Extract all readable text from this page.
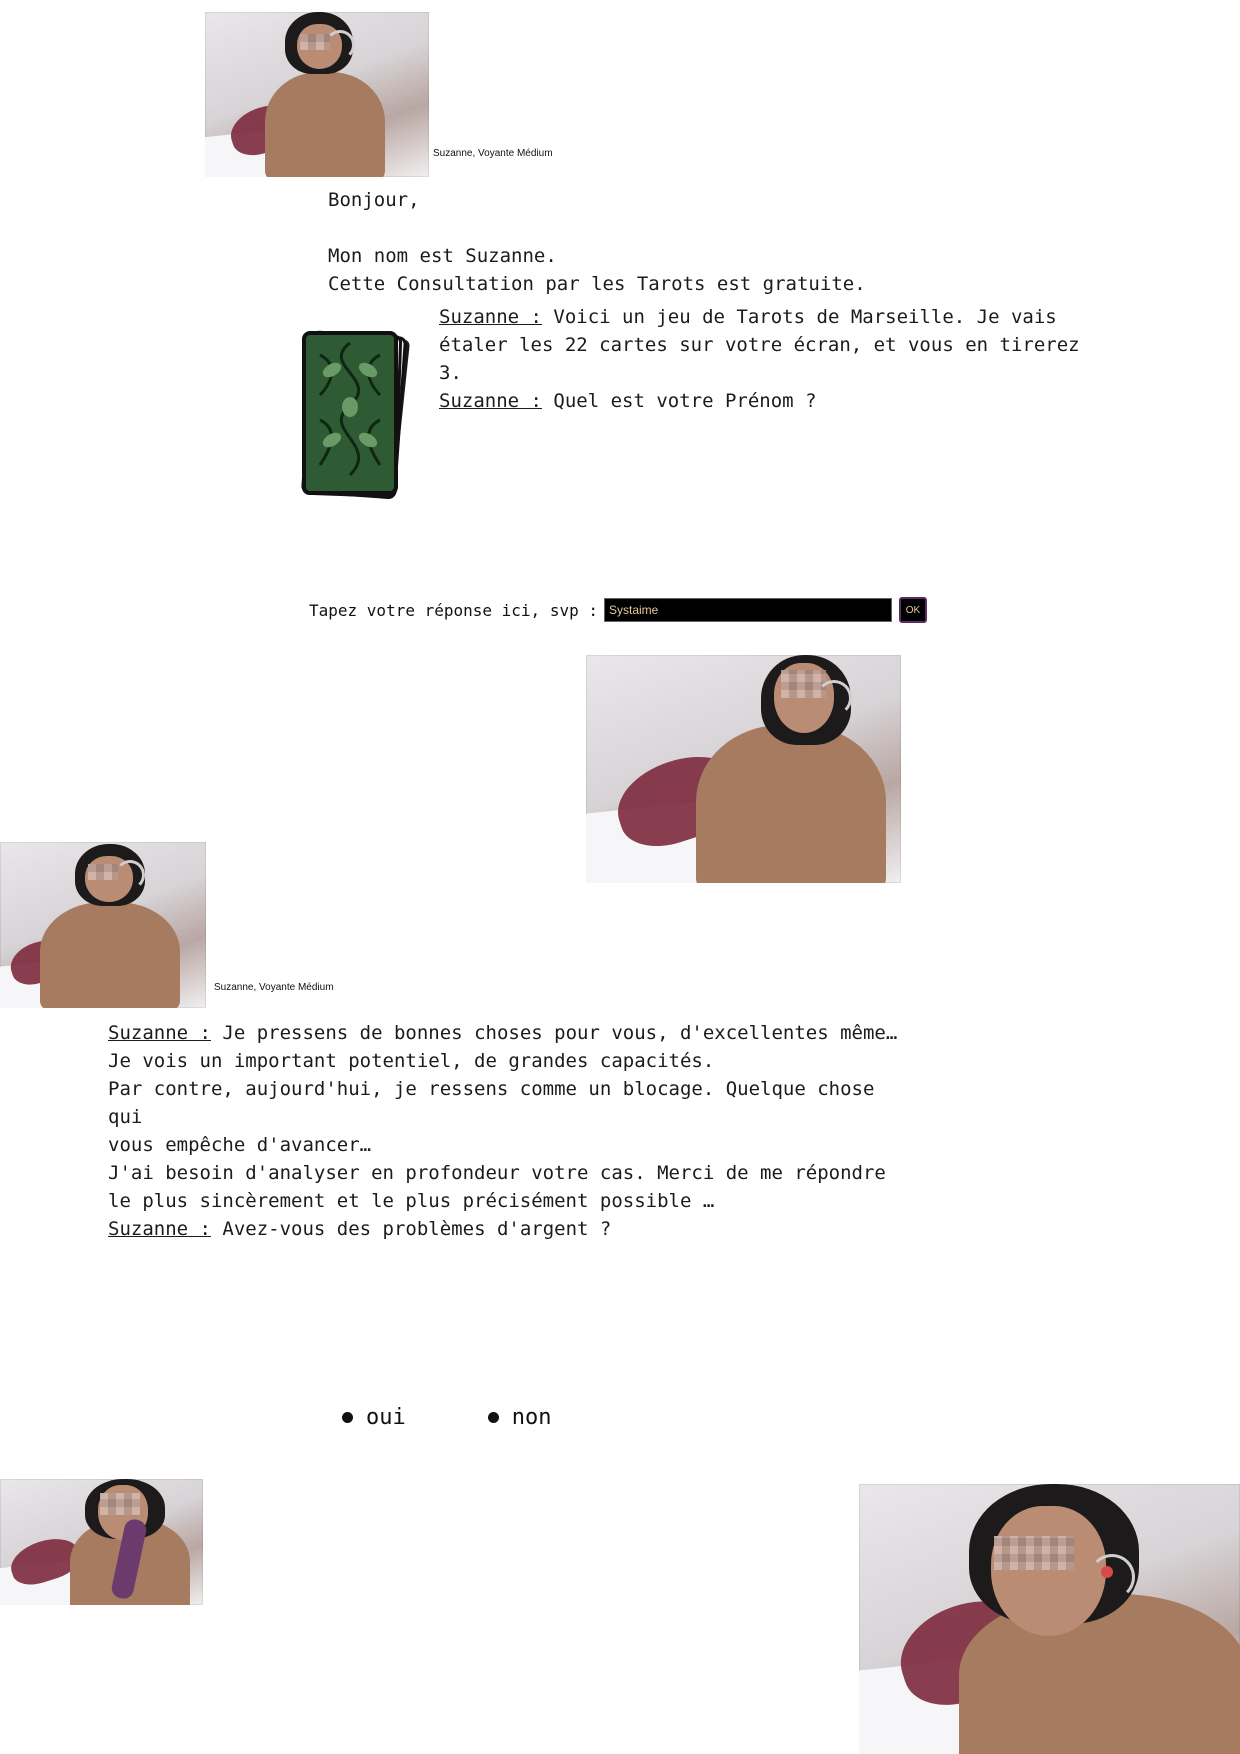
Suzanne, Voyante Médium

Bonjour,

Mon nom est Suzanne.

Cette Consultation par les Tarots est gratuite.

Suzanne : Voici un jeu de Tarots de Marseille. Je vais

étaler les 22 cartes sur votre écran, et vous en tirerez 3.

Suzanne : Quel est votre Prénom ?

Tapez votre réponse ici, svp :
Systaime	OK
Suzanne, Voyante Médium

Suzanne : Je pressens de bonnes choses pour vous, d'excellentes même…

Je vois un important potentiel, de grandes capacités.

Par contre, aujourd'hui, je ressens comme un blocage. Quelque chose qui

vous empêche d'avancer…

J'ai besoin d'analyser en profondeur votre cas. Merci de me répondre

le plus sincèrement et le plus précisément possible …

Suzanne : Avez-vous des problèmes d'argent ?

oui	non
